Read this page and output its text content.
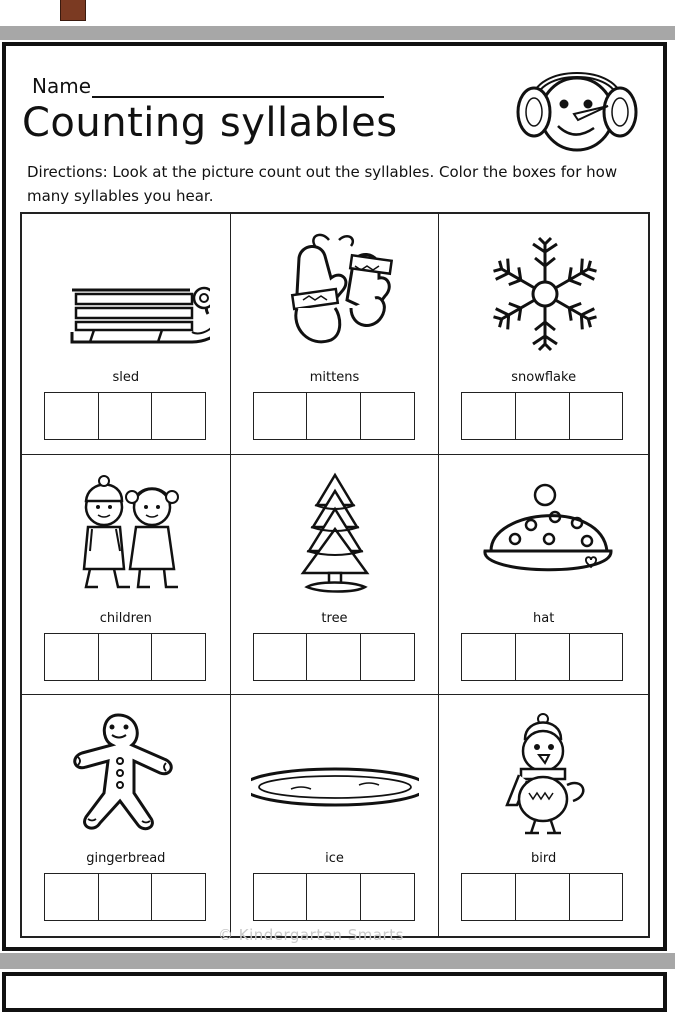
Name
Counting syllables
Directions: Look at the picture count out the syllables. Color the boxes for how many syllables you hear.
sled	mittens	snowflake
children	tree	hat
gingerbread	ice	bird
© Kindergarten Smarts
